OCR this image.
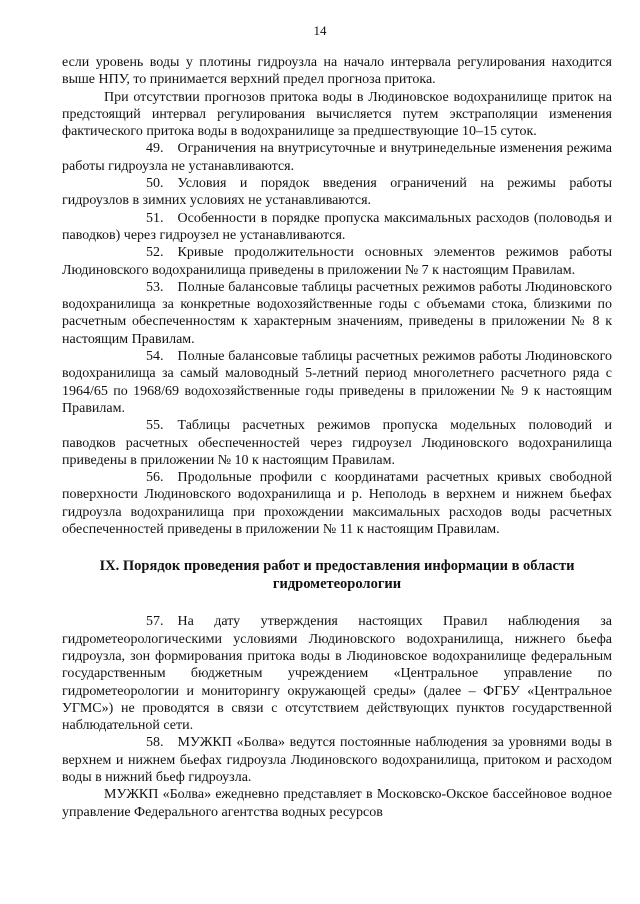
14

если уровень воды у плотины гидроузла на начало интервала регулирования находится выше НПУ, то принимается верхний предел прогноза притока.

При отсутствии прогнозов притока воды в Людиновское водохранилище приток на предстоящий интервал регулирования вычисляется путем экстраполяции изменения фактического притока воды в водохранилище за предшествующие 10–15 суток.

49. Ограничения на внутрисуточные и внутринедельные изменения режима работы гидроузла не устанавливаются.

50. Условия и порядок введения ограничений на режимы работы гидроузлов в зимних условиях не устанавливаются.

51. Особенности в порядке пропуска максимальных расходов (половодья и паводков) через гидроузел не устанавливаются.

52. Кривые продолжительности основных элементов режимов работы Людиновского водохранилища приведены в приложении № 7 к настоящим Правилам.

53. Полные балансовые таблицы расчетных режимов работы Людиновского водохранилища за конкретные водохозяйственные годы с объемами стока, близкими по расчетным обеспеченностям к характерным значениям, приведены в приложении № 8 к настоящим Правилам.

54. Полные балансовые таблицы расчетных режимов работы Людиновского водохранилища за самый маловодный 5-летний период многолетнего расчетного ряда с 1964/65 по 1968/69 водохозяйственные годы приведены в приложении № 9 к настоящим Правилам.

55. Таблицы расчетных режимов пропуска модельных половодий и паводков расчетных обеспеченностей через гидроузел Людиновского водохранилища приведены в приложении № 10 к настоящим Правилам.

56. Продольные профили с координатами расчетных кривых свободной поверхности Людиновского водохранилища и р. Неполодь в верхнем и нижнем бьефах гидроузла водохранилища при прохождении максимальных расходов воды расчетных обеспеченностей приведены в приложении № 11 к настоящим Правилам.

IX. Порядок проведения работ и предоставления информации в области гидрометеорологии

57. На дату утверждения настоящих Правил наблюдения за гидрометеорологическими условиями Людиновского водохранилища, нижнего бьефа гидроузла, зон формирования притока воды в Людиновское водохранилище федеральным государственным бюджетным учреждением «Центральное управление по гидрометеорологии и мониторингу окружающей среды» (далее – ФГБУ «Центральное УГМС») не проводятся в связи с отсутствием действующих пунктов государственной наблюдательной сети.

58. МУЖКП «Болва» ведутся постоянные наблюдения за уровнями воды в верхнем и нижнем бьефах гидроузла Людиновского водохранилища, притоком и расходом воды в нижний бьеф гидроузла.

МУЖКП «Болва» ежедневно представляет в Московско-Окское бассейновое водное управление Федерального агентства водных ресурсов
